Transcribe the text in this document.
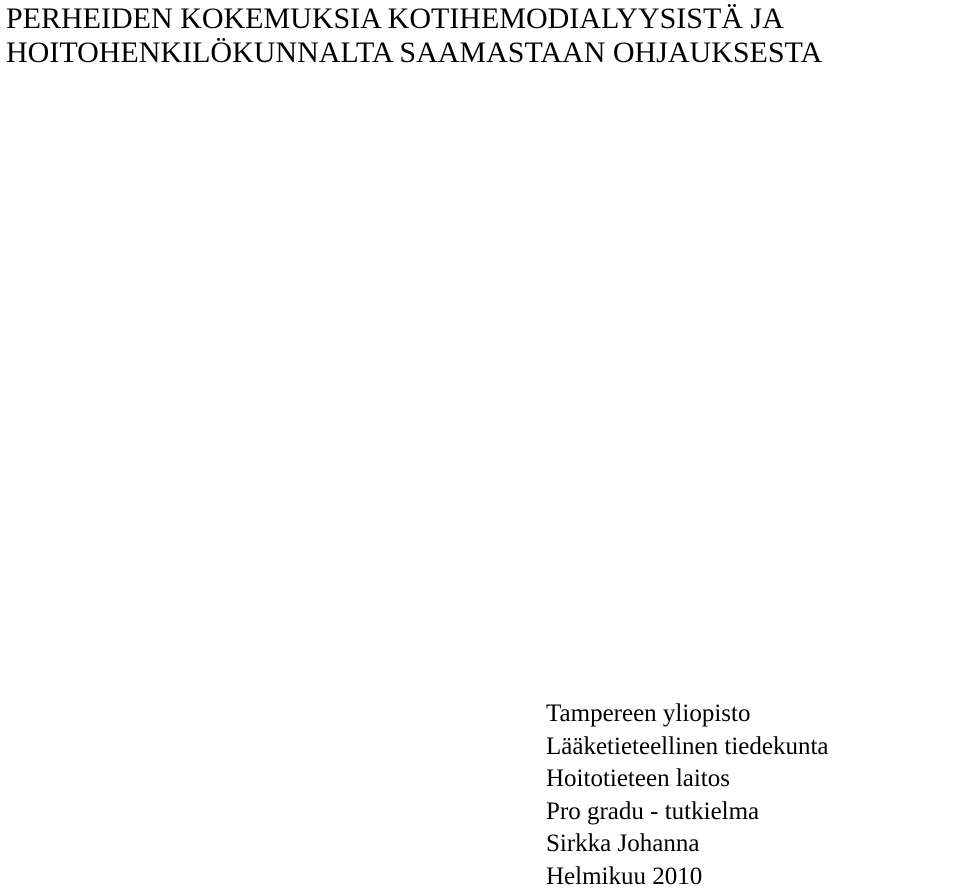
PERHEIDEN KOKEMUKSIA KOTIHEMODIALYYSISTÄ JA
HOITOHENKILÖKUNNALTA SAAMASTAAN OHJAUKSESTA
Tampereen yliopisto
Lääketieteellinen tiedekunta
Hoitotieteen laitos
Pro gradu - tutkielma
Sirkka Johanna
Helmikuu 2010
